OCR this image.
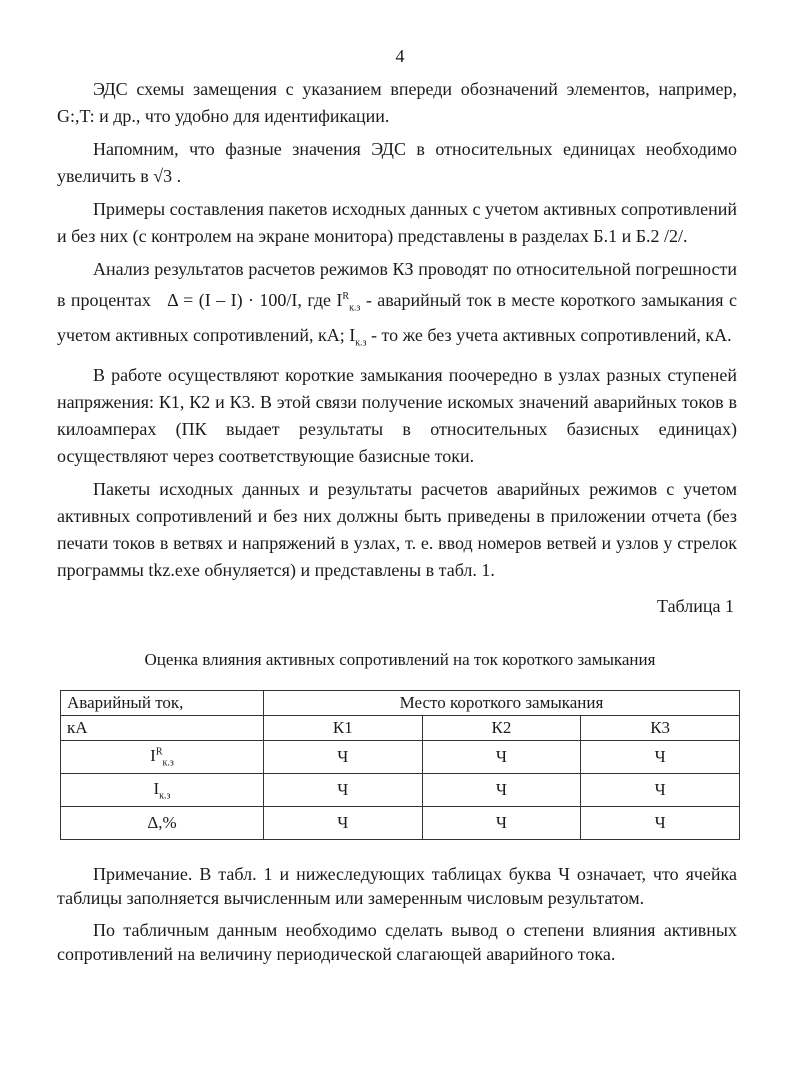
4

ЭДС схемы замещения с указанием впереди обозначений элементов, например, G:,T: и др., что удобно для идентификации.

Напомним, что фазные значения ЭДС в относительных единицах необходимо увеличить в √3 .

Примеры составления пакетов исходных данных с учетом активных сопротивлений и без них (с контролем на экране монитора) представлены в разделах Б.1 и Б.2 /2/.

Анализ результатов расчетов режимов КЗ проводят по относительной погрешности в процентах Δ = (I – I) · 100/I, где $I^R_{к.з}$ - аварийный ток в месте короткого замыкания с учетом активных сопротивлений, кА; $I_{к.з}$ - то же без учета активных сопротивлений, кА.

В работе осуществляют короткие замыкания поочередно в узлах разных ступеней напряжения: К1, К2 и К3. В этой связи получение искомых значений аварийных токов в килоамперах (ПК выдает результаты в относительных базисных единицах) осуществляют через соответствующие базисные токи.

Пакеты исходных данных и результаты расчетов аварийных режимов с учетом активных сопротивлений и без них должны быть приведены в приложении отчета (без печати токов в ветвях и напряжений в узлах, т. е. ввод номеров ветвей и узлов у стрелок программы tkz.exe обнуляется) и представлены в табл. 1.

Таблица 1
Оценка влияния активных сопротивлений на ток короткого замыкания
Аварийный ток,	Место короткого замыкания		
кА	К1	К2	К3
$I^R_{к.з}$	Ч	Ч	Ч
$I_{к.з}$	Ч	Ч	Ч
Δ,%	Ч	Ч	Ч

Примечание. В табл. 1 и нижеследующих таблицах буква Ч означает, что ячейка таблицы заполняется вычисленным или замеренным числовым результатом.

По табличным данным необходимо сделать вывод о степени влияния активных сопротивлений на величину периодической слагающей аварийного тока.
